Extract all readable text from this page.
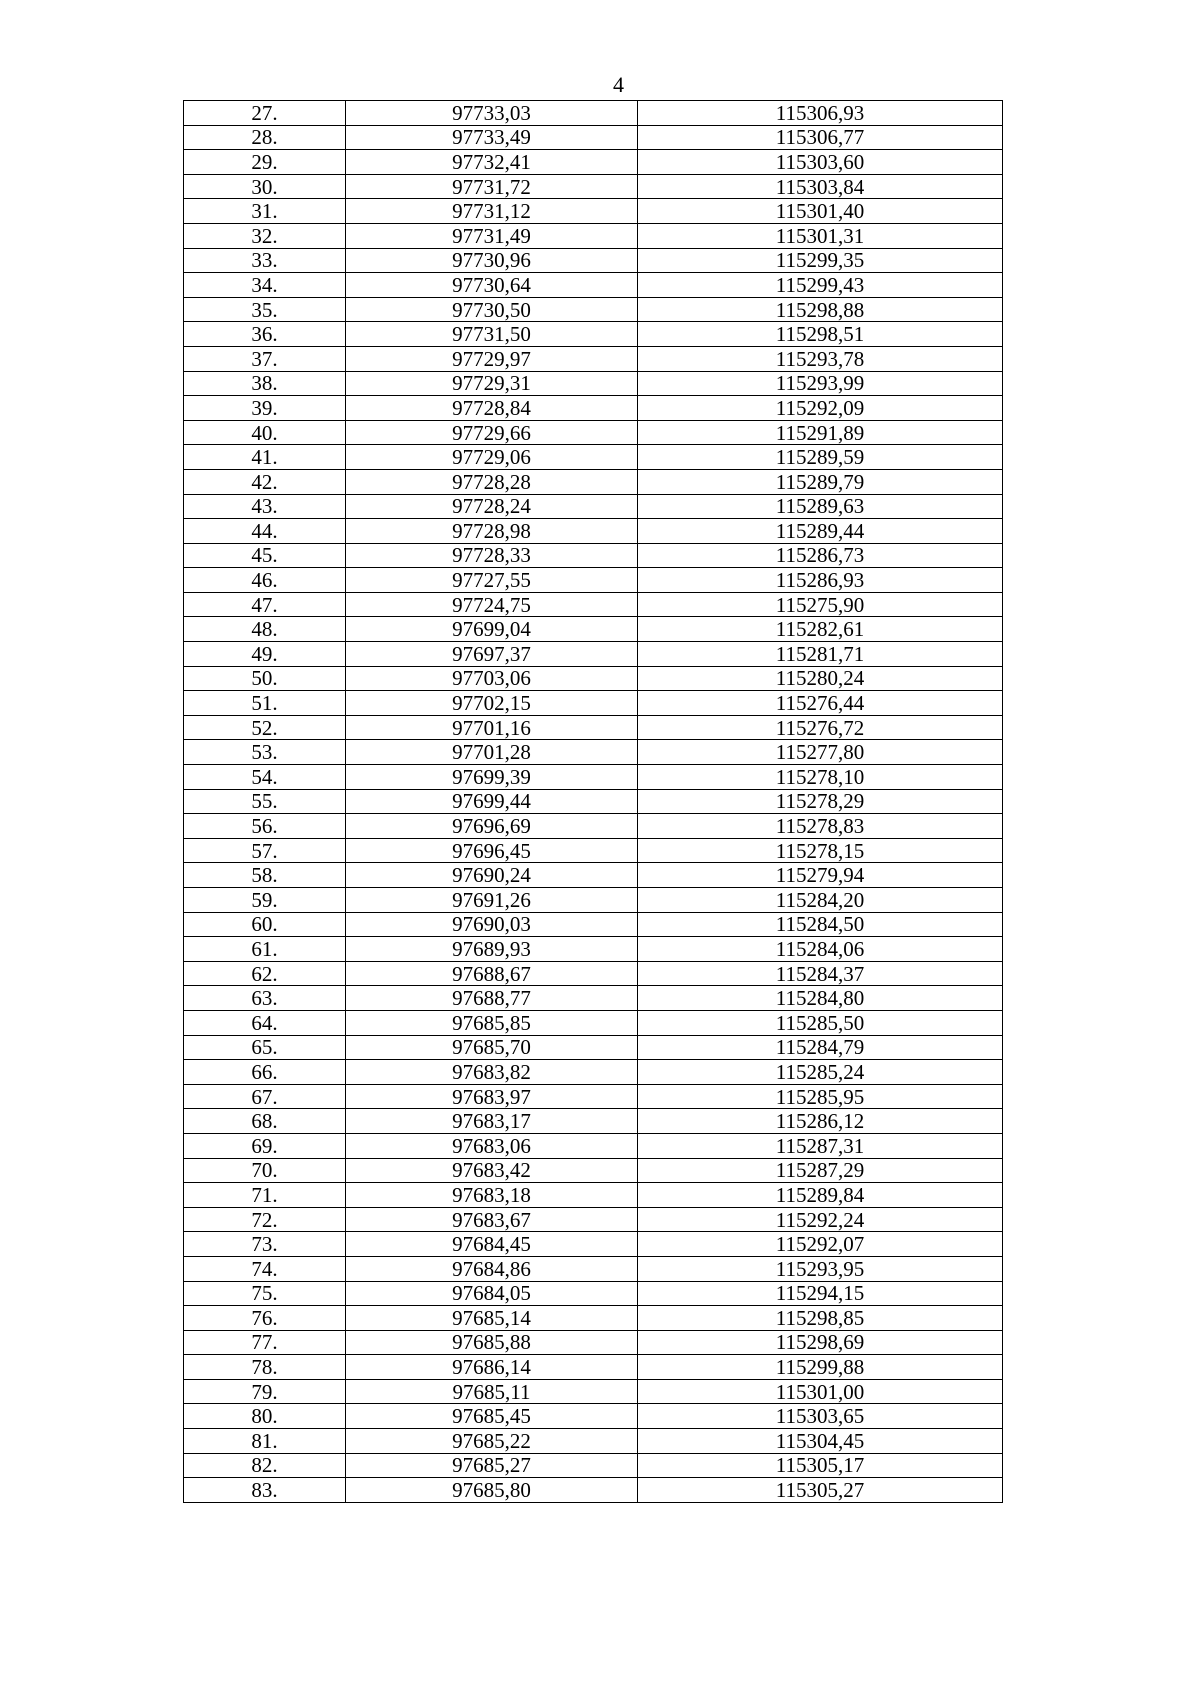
4
27.	97733,03	115306,93
28.	97733,49	115306,77
29.	97732,41	115303,60
30.	97731,72	115303,84
31.	97731,12	115301,40
32.	97731,49	115301,31
33.	97730,96	115299,35
34.	97730,64	115299,43
35.	97730,50	115298,88
36.	97731,50	115298,51
37.	97729,97	115293,78
38.	97729,31	115293,99
39.	97728,84	115292,09
40.	97729,66	115291,89
41.	97729,06	115289,59
42.	97728,28	115289,79
43.	97728,24	115289,63
44.	97728,98	115289,44
45.	97728,33	115286,73
46.	97727,55	115286,93
47.	97724,75	115275,90
48.	97699,04	115282,61
49.	97697,37	115281,71
50.	97703,06	115280,24
51.	97702,15	115276,44
52.	97701,16	115276,72
53.	97701,28	115277,80
54.	97699,39	115278,10
55.	97699,44	115278,29
56.	97696,69	115278,83
57.	97696,45	115278,15
58.	97690,24	115279,94
59.	97691,26	115284,20
60.	97690,03	115284,50
61.	97689,93	115284,06
62.	97688,67	115284,37
63.	97688,77	115284,80
64.	97685,85	115285,50
65.	97685,70	115284,79
66.	97683,82	115285,24
67.	97683,97	115285,95
68.	97683,17	115286,12
69.	97683,06	115287,31
70.	97683,42	115287,29
71.	97683,18	115289,84
72.	97683,67	115292,24
73.	97684,45	115292,07
74.	97684,86	115293,95
75.	97684,05	115294,15
76.	97685,14	115298,85
77.	97685,88	115298,69
78.	97686,14	115299,88
79.	97685,11	115301,00
80.	97685,45	115303,65
81.	97685,22	115304,45
82.	97685,27	115305,17
83.	97685,80	115305,27
